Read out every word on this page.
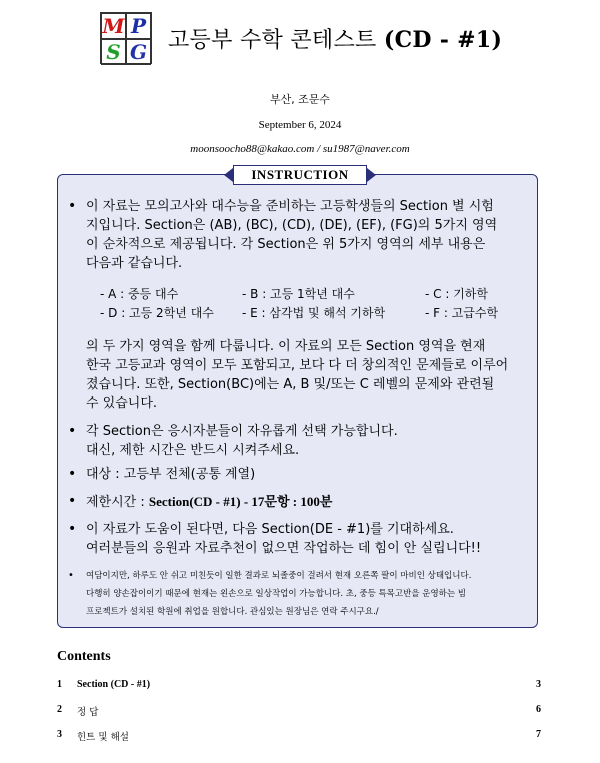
M P
S G 고등부 수학 콘테스트 (CD - #1)
부산, 조문수
September 6, 2024
moonsoocho88@kakao.com / su1987@naver.com
INSTRUCTION
• 이 자료는 모의고사와 대수능을 준비하는 고등학생들의 Section 별 시험
지입니다. Section은 (AB), (BC), (CD), (DE), (EF), (FG)의 5가지 영역
이 순차적으로 제공됩니다. 각 Section은 위 5가지 영역의 세부 내용은
다음과 같습니다.
- A : 중등 대수	- B : 고등 1학년 대수	- C : 기하학
- D : 고등 2학년 대수 - E : 삼각법 및 해석 기하학	- F : 고급수학
의 두 가지 영역을 함께 다룹니다. 이 자료의 모든 Section 영역을 현재
한국 고등교과 영역이 모두 포함되고, 보다 다 더 창의적인 문제들로 이루어
졌습니다. 또한, Section(BC)에는 A, B 및/또는 C 레벨의 문제와 관련될
수 있습니다.
• 각 Section은 응시자분들이 자유롭게 선택 가능합니다.
대신, 제한 시간은 반드시 시켜주세요.
• 대상 : 고등부 전체(공통 계열)
• 제한시간 : Section(CD - #1) - 17문항 : 100분
• 이 자료가 도움이 된다면, 다음 Section(DE - #1)를 기대하세요.
여러분들의 응원과 자료추천이 없으면 작업하는 데 힘이 안 실립니다!!
• 여담이지만, 하루도 안 쉬고 미친듯이 일한 결과로 뇌졸중이 걸려서 현재 오른쪽 팔이 마비인 상태입니다.
다행히 양손잡이이기 때문에 현재는 왼손으로 일상작업이 가능합니다. 초, 중등 특목고반을 운영하는 빔
프로젝트가 설치된 학원에 취업을 원합니다. 관심있는 원장님은 연락 주시구요./
Contents
1 Section (CD - #1)	3
2 정 답	6
3 힌트 및 해설	7
